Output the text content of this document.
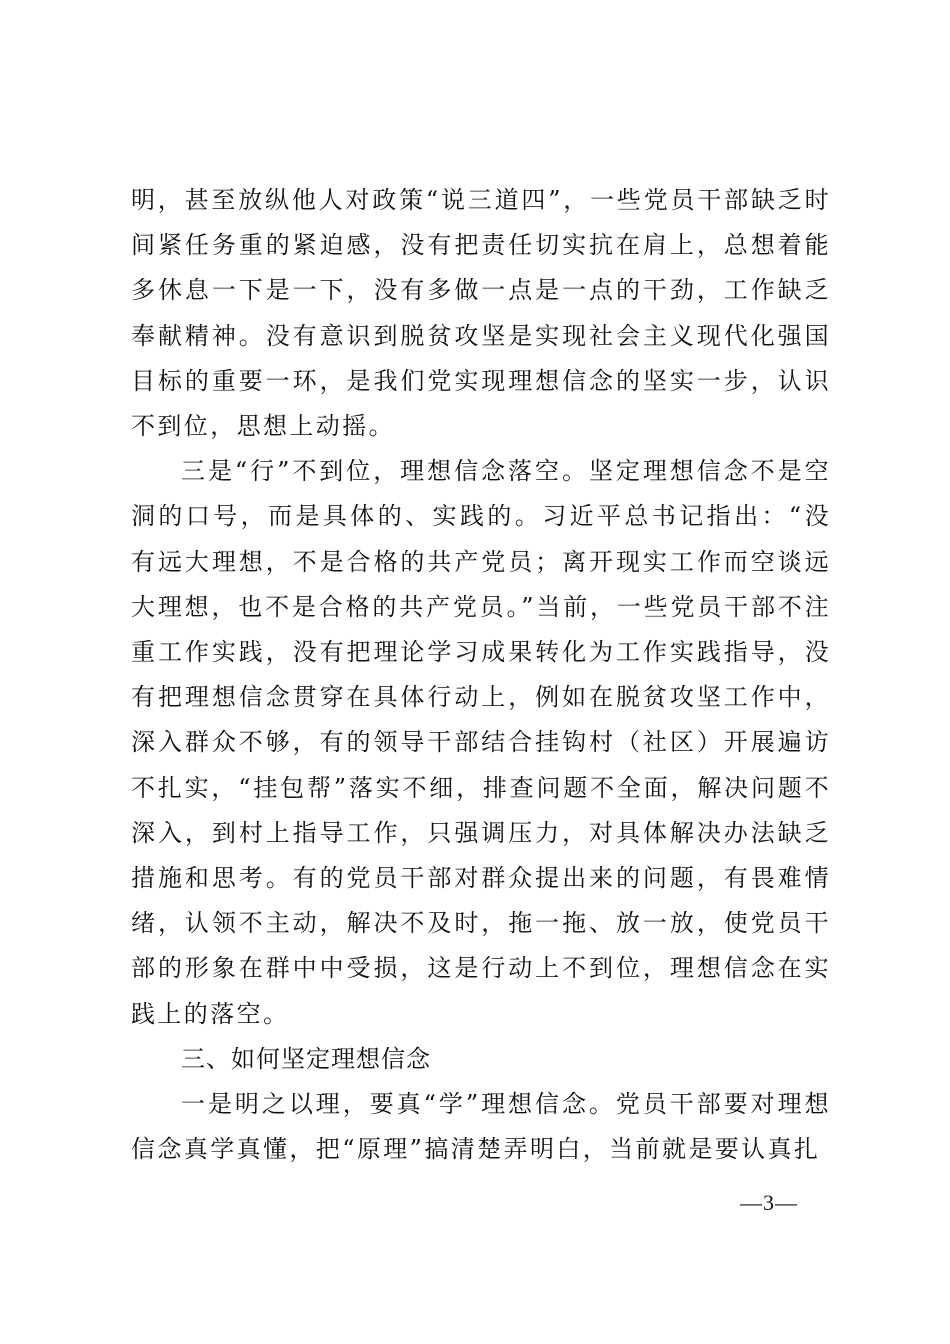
明，甚至放纵他人对政策“说三道四”，一些党员干部缺乏时间紧任务重的紧迫感，没有把责任切实抗在肩上，总想着能多休息一下是一下，没有多做一点是一点的干劲，工作缺乏奉献精神。没有意识到脱贫攻坚是实现社会主义现代化强国目标的重要一环，是我们党实现理想信念的坚实一步，认识不到位，思想上动摇。

三是“行”不到位，理想信念落空。坚定理想信念不是空洞的口号，而是具体的、实践的。习近平总书记指出：“没有远大理想，不是合格的共产党员；离开现实工作而空谈远大理想，也不是合格的共产党员。”当前，一些党员干部不注重工作实践，没有把理论学习成果转化为工作实践指导，没有把理想信念贯穿在具体行动上，例如在脱贫攻坚工作中，深入群众不够，有的领导干部结合挂钩村（社区）开展遍访不扎实，“挂包帮”落实不细，排查问题不全面，解决问题不深入，到村上指导工作，只强调压力，对具体解决办法缺乏措施和思考。有的党员干部对群众提出来的问题，有畏难情绪，认领不主动，解决不及时，拖一拖、放一放，使党员干部的形象在群中中受损，这是行动上不到位，理想信念在实践上的落空。

三、如何坚定理想信念

一是明之以理，要真“学”理想信念。党员干部要对理想信念真学真懂，把“原理”搞清楚弄明白，当前就是要认真扎

—3—
